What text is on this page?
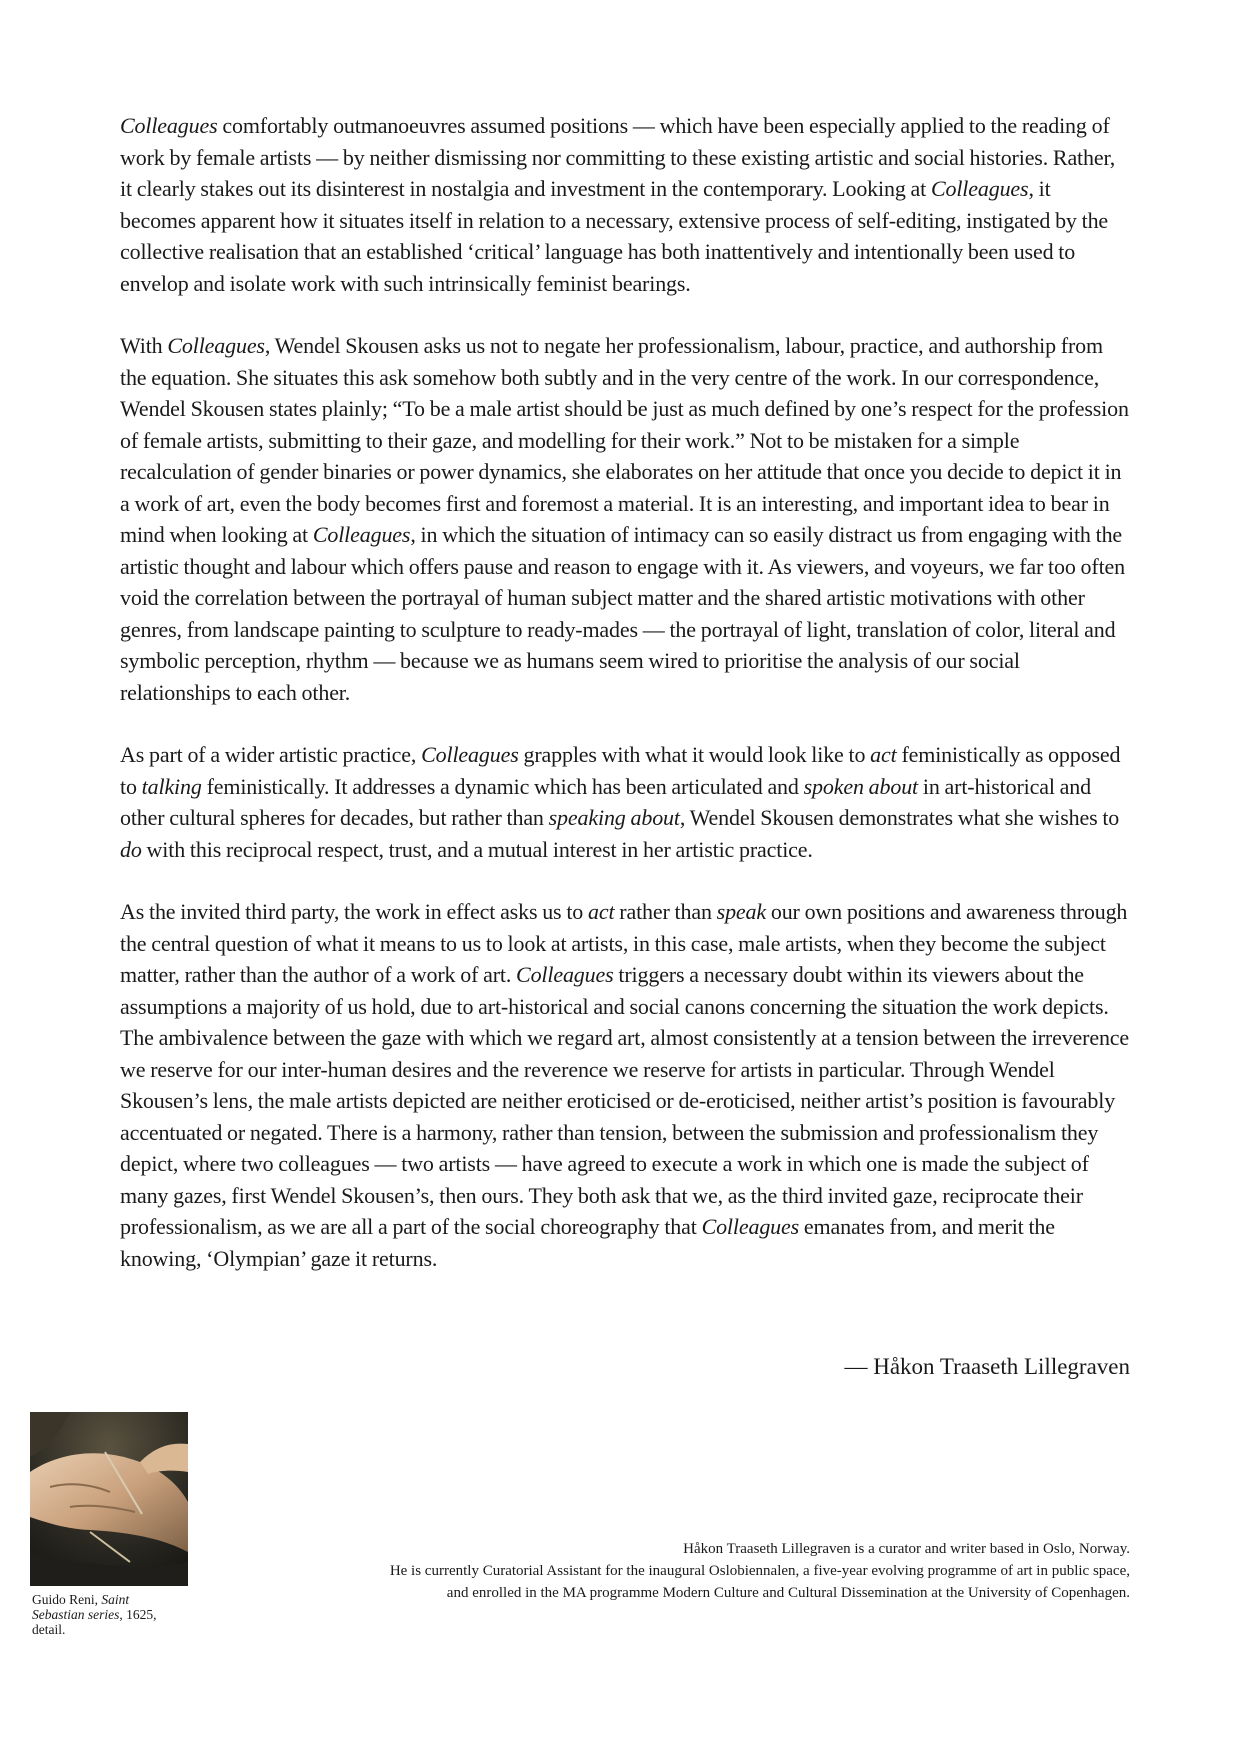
Colleagues comfortably outmanoeuvres assumed positions — which have been especially applied to the reading of work by female artists — by neither dismissing nor committing to these existing artistic and social histories. Rather, it clearly stakes out its disinterest in nostalgia and investment in the contemporary. Looking at Colleagues, it becomes apparent how it situates itself in relation to a necessary, extensive process of self-editing, instigated by the collective realisation that an established ‘critical’ language has both inattentively and intentionally been used to envelop and isolate work with such intrinsically feminist bearings.

With Colleagues, Wendel Skousen asks us not to negate her professionalism, labour, practice, and authorship from the equation. She situates this ask somehow both subtly and in the very centre of the work. In our correspondence, Wendel Skousen states plainly; “To be a male artist should be just as much defined by one’s respect for the profession of female artists, submitting to their gaze, and modelling for their work.” Not to be mistaken for a simple recalculation of gender binaries or power dynamics, she elaborates on her attitude that once you decide to depict it in a work of art, even the body becomes first and foremost a material. It is an interesting, and important idea to bear in mind when looking at Colleagues, in which the situation of intimacy can so easily distract us from engaging with the artistic thought and labour which offers pause and reason to engage with it. As viewers, and voyeurs, we far too often void the correlation between the portrayal of human subject matter and the shared artistic motivations with other genres, from landscape painting to sculpture to ready-mades — the portrayal of light, translation of color, literal and symbolic perception, rhythm — because we as humans seem wired to prioritise the analysis of our social relationships to each other.

As part of a wider artistic practice, Colleagues grapples with what it would look like to act feministically as opposed to talking feministically. It addresses a dynamic which has been articulated and spoken about in art-historical and other cultural spheres for decades, but rather than speaking about, Wendel Skousen demonstrates what she wishes to do with this reciprocal respect, trust, and a mutual interest in her artistic practice.

As the invited third party, the work in effect asks us to act rather than speak our own positions and awareness through the central question of what it means to us to look at artists, in this case, male artists, when they become the subject matter, rather than the author of a work of art. Colleagues triggers a necessary doubt within its viewers about the assumptions a majority of us hold, due to art-historical and social canons concerning the situation the work depicts. The ambivalence between the gaze with which we regard art, almost consistently at a tension between the irreverence we reserve for our inter-human desires and the reverence we reserve for artists in particular. Through Wendel Skousen’s lens, the male artists depicted are neither eroticised or de-eroticised, neither artist’s position is favourably accentuated or negated. There is a harmony, rather than tension, between the submission and professionalism they depict, where two colleagues — two artists — have agreed to execute a work in which one is made the subject of many gazes, first Wendel Skousen’s, then ours. They both ask that we, as the third invited gaze, reciprocate their professionalism, as we are all a part of the social choreography that Colleagues emanates from, and merit the knowing, ‘Olympian’ gaze it returns.

— Håkon Traaseth Lillegraven

Guido Reni, Saint Sebastian series, 1625, detail.

Håkon Traaseth Lillegraven is a curator and writer based in Oslo, Norway.

He is currently Curatorial Assistant for the inaugural Oslobiennalen, a five-year evolving programme of art in public space,

and enrolled in the MA programme Modern Culture and Cultural Dissemination at the University of Copenhagen.
